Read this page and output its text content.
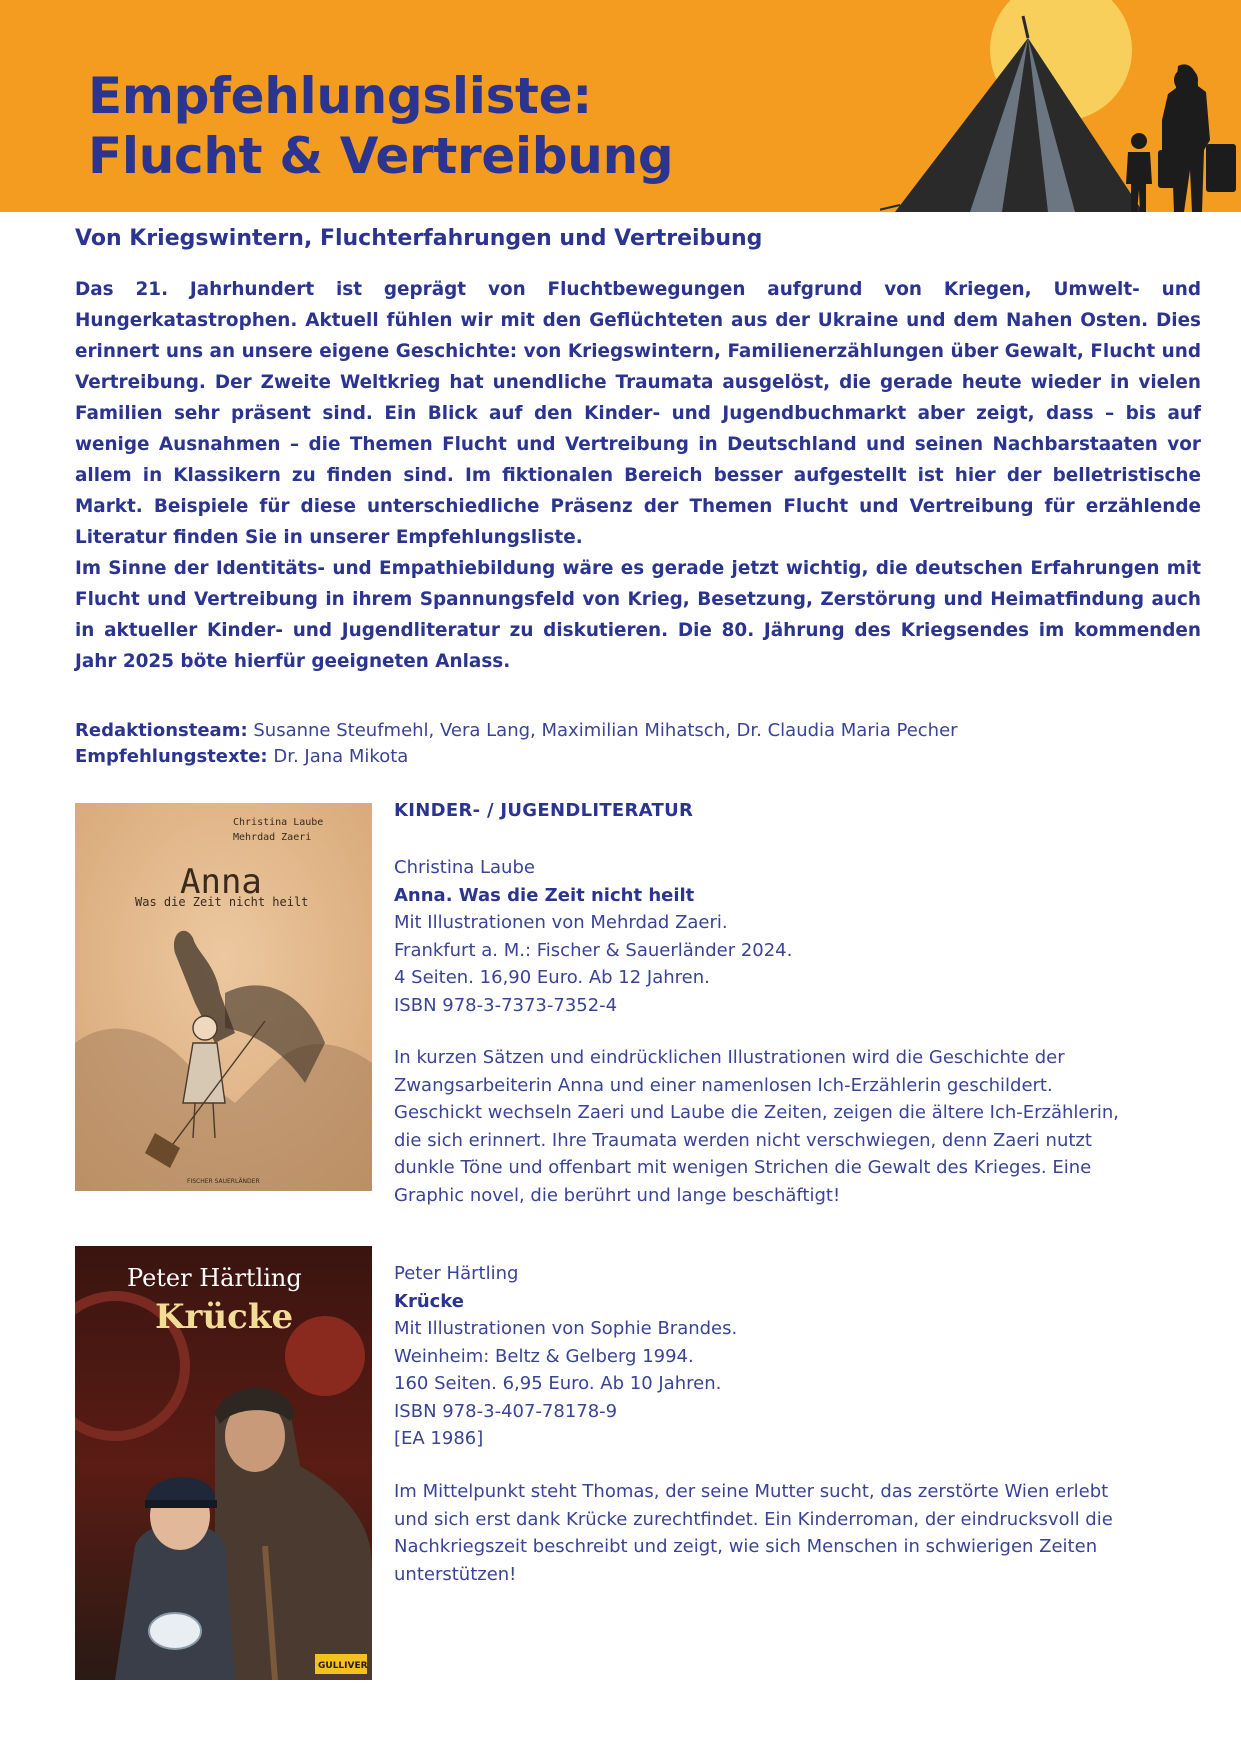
Empfehlungsliste:
Flucht & Vertreibung
Von Kriegswintern, Fluchterfahrungen und Vertreibung

Das 21. Jahrhundert ist geprägt von Fluchtbewegungen aufgrund von Kriegen, Umwelt- und Hungerkatastrophen. Aktuell fühlen wir mit den Geflüchteten aus der Ukraine und dem Nahen Osten. Dies erinnert uns an unsere eigene Geschichte: von Kriegswintern, Familienerzählungen über Gewalt, Flucht und Vertreibung. Der Zweite Weltkrieg hat unendliche Traumata ausgelöst, die gerade heute wieder in vielen Familien sehr präsent sind. Ein Blick auf den Kinder- und Jugendbuchmarkt aber zeigt, dass – bis auf wenige Ausnahmen – die Themen Flucht und Vertreibung in Deutschland und seinen Nachbarstaaten vor allem in Klassikern zu finden sind. Im fiktionalen Bereich besser aufgestellt ist hier der belletristische Markt. Beispiele für diese unterschiedliche Präsenz der Themen Flucht und Vertreibung für erzählende Literatur finden Sie in unserer Empfehlungsliste.

Im Sinne der Identitäts- und Empathiebildung wäre es gerade jetzt wichtig, die deutschen Erfahrungen mit Flucht und Vertreibung in ihrem Spannungsfeld von Krieg, Besetzung, Zerstörung und Heimatfindung auch in aktueller Kinder- und Jugendliteratur zu diskutieren. Die 80. Jährung des Kriegsendes im kommenden Jahr 2025 böte hierfür geeigneten Anlass.

Redaktionsteam: Susanne Steufmehl, Vera Lang, Maximilian Mihatsch, Dr. Claudia Maria Pecher
Empfehlungstexte: Dr. Jana Mikota
Christina Laube
Mehrdad Zaeri
Anna
Was die Zeit nicht heilt
FISCHER SAUERLÄNDER
KINDER- / JUGENDLITERATUR
Christina Laube
Anna. Was die Zeit nicht heilt
Mit Illustrationen von Mehrdad Zaeri.
Frankfurt a. M.: Fischer & Sauerländer 2024.
4 Seiten. 16,90 Euro. Ab 12 Jahren.
ISBN 978-3-7373-7352-4
In kurzen Sätzen und eindrücklichen Illustrationen wird die Geschichte der Zwangsarbeiterin Anna und einer namenlosen Ich-Erzählerin geschildert. Geschickt wechseln Zaeri und Laube die Zeiten, zeigen die ältere Ich-Erzählerin, die sich erinnert. Ihre Traumata werden nicht verschwiegen, denn Zaeri nutzt dunkle Töne und offenbart mit wenigen Strichen die Gewalt des Krieges. Eine Graphic novel, die berührt und lange beschäftigt!
Peter Härtling
Krücke
GULLIVER
Peter Härtling
Krücke
Mit Illustrationen von Sophie Brandes.
Weinheim: Beltz & Gelberg 1994.
160 Seiten. 6,95 Euro. Ab 10 Jahren.
ISBN 978-3-407-78178-9
[EA 1986]
Im Mittelpunkt steht Thomas, der seine Mutter sucht, das zerstörte Wien erlebt und sich erst dank Krücke zurechtfindet. Ein Kinderroman, der eindrucksvoll die Nachkriegszeit beschreibt und zeigt, wie sich Menschen in schwierigen Zeiten unterstützen!
